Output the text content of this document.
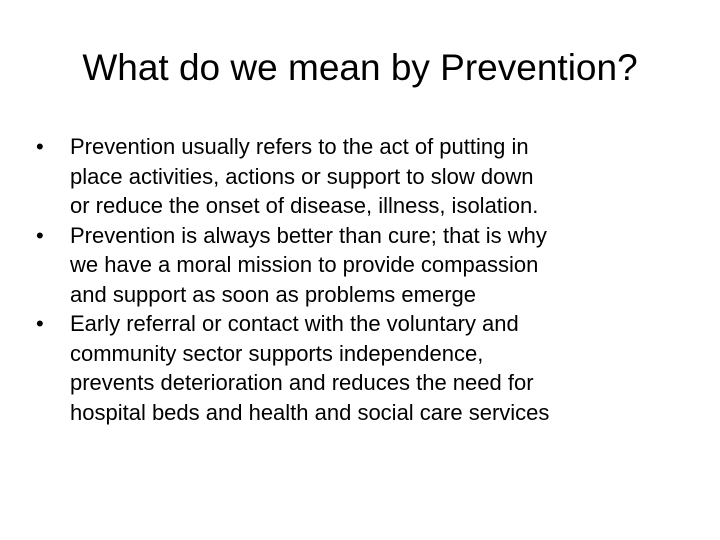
What do we mean by Prevention?
•	Prevention usually refers to the act of putting in
place activities, actions or support to slow down
or reduce the onset of disease, illness, isolation.
•	Prevention is always better than cure; that is why
we have a moral mission to provide compassion
and support as soon as problems emerge
•	Early referral or contact with the voluntary and
community sector supports independence,
prevents deterioration and reduces the need for
hospital beds and health and social care services
